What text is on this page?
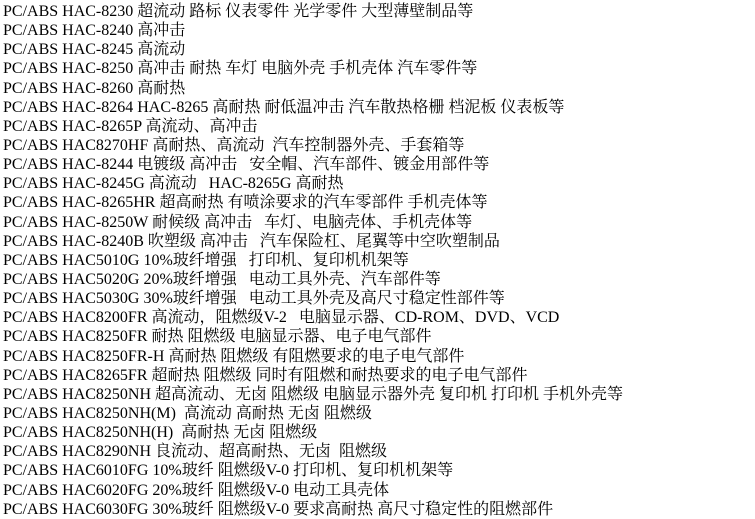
PC/ABS HAC-8230 超流动 路标 仪表零件 光学零件 大型薄壁制品等
PC/ABS HAC-8240 高冲击
PC/ABS HAC-8245 高流动
PC/ABS HAC-8250 高冲击 耐热 车灯 电脑外壳 手机壳体 汽车零件等
PC/ABS HAC-8260 高耐热
PC/ABS HAC-8264 HAC-8265 高耐热 耐低温冲击 汽车散热格栅 档泥板 仪表板等
PC/ABS HAC-8265P 高流动、高冲击
PC/ABS HAC8270HF 高耐热、高流动  汽车控制器外壳、手套箱等
PC/ABS HAC-8244 电镀级 高冲击   安全帽、汽车部件、镀金用部件等
PC/ABS HAC-8245G 高流动   HAC-8265G 高耐热
PC/ABS HAC-8265HR 超高耐热 有喷涂要求的汽车零部件 手机壳体等
PC/ABS HAC-8250W 耐候级 高冲击   车灯、电脑壳体、手机壳体等
PC/ABS HAC-8240B 吹塑级 高冲击   汽车保险杠、尾翼等中空吹塑制品
PC/ABS HAC5010G 10%玻纤增强   打印机、复印机机架等
PC/ABS HAC5020G 20%玻纤增强   电动工具外壳、汽车部件等
PC/ABS HAC5030G 30%玻纤增强   电动工具外壳及高尺寸稳定性部件等
PC/ABS HAC8200FR 高流动，阻燃级V-2   电脑显示器、CD-ROM、DVD、VCD
PC/ABS HAC8250FR 耐热 阻燃级 电脑显示器、电子电气部件
PC/ABS HAC8250FR-H 高耐热 阻燃级 有阻燃要求的电子电气部件
PC/ABS HAC8265FR 超耐热 阻燃级 同时有阻燃和耐热要求的电子电气部件
PC/ABS HAC8250NH 超高流动、无卤 阻燃级 电脑显示器外壳 复印机 打印机 手机外壳等
PC/ABS HAC8250NH(M)  高流动 高耐热 无卤 阻燃级
PC/ABS HAC8250NH(H)  高耐热 无卤 阻燃级
PC/ABS HAC8290NH 良流动、超高耐热、无卤  阻燃级
PC/ABS HAC6010FG 10%玻纤 阻燃级V-0 打印机、复印机机架等
PC/ABS HAC6020FG 20%玻纤 阻燃级V-0 电动工具壳体
PC/ABS HAC6030FG 30%玻纤 阻燃级V-0 要求高耐热 高尺寸稳定性的阻燃部件
